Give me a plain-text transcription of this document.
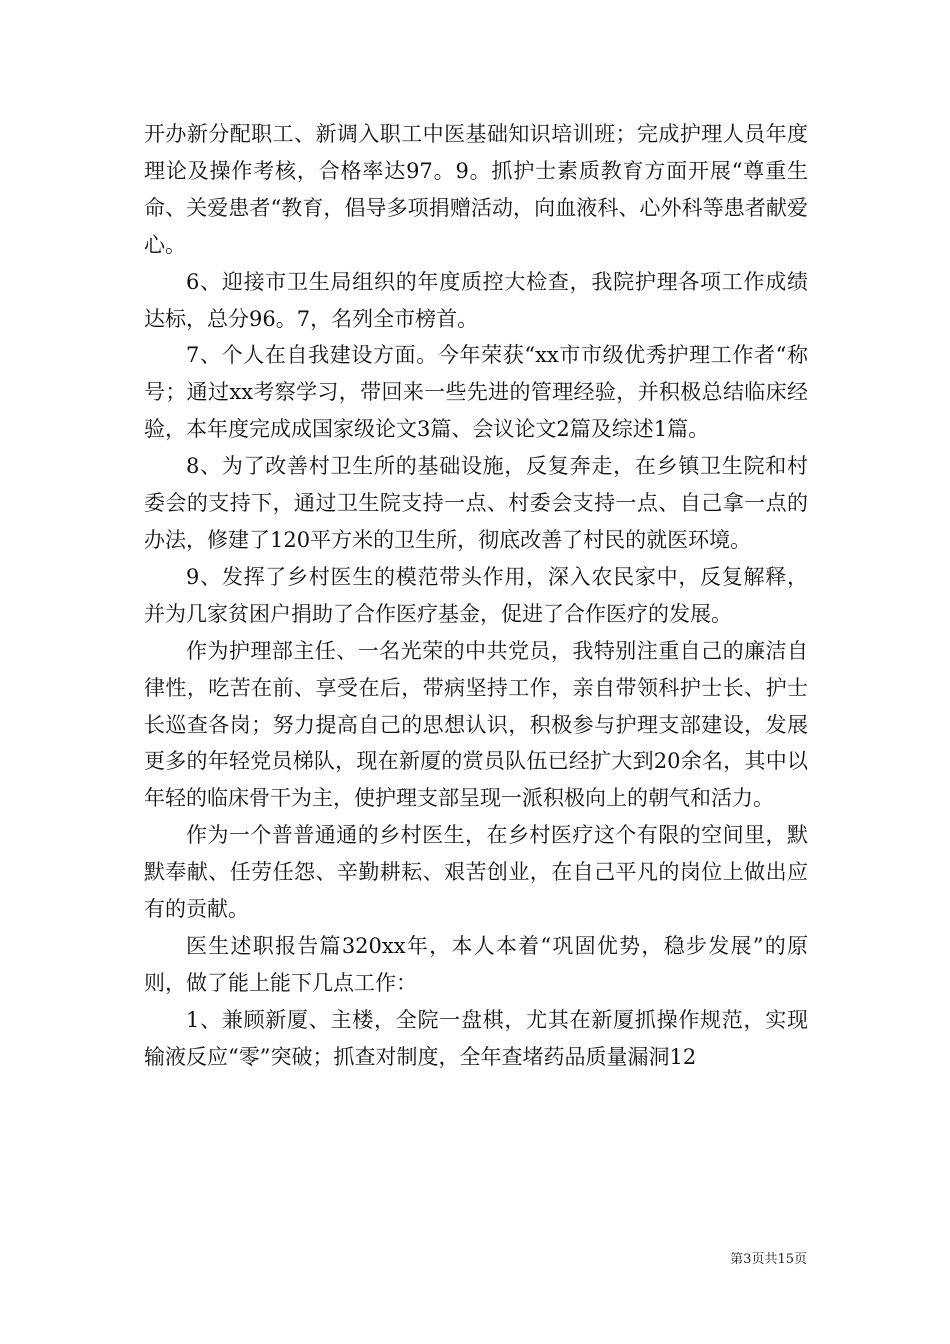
开办新分配职工、新调入职工中医基础知识培训班；完成护理人员年度理论及操作考核，合格率达97。9。抓护士素质教育方面开展“尊重生命、关爱患者“教育，倡导多项捐赠活动，向血液科、心外科等患者献爱心。

6、迎接市卫生局组织的年度质控大检查，我院护理各项工作成绩达标，总分96。7，名列全市榜首。

7、个人在自我建设方面。今年荣获“xx市市级优秀护理工作者“称号；通过xx考察学习，带回来一些先进的管理经验，并积极总结临床经验，本年度完成成国家级论文3篇、会议论文2篇及综述1篇。

8、为了改善村卫生所的基础设施，反复奔走，在乡镇卫生院和村委会的支持下，通过卫生院支持一点、村委会支持一点、自己拿一点的办法，修建了120平方米的卫生所，彻底改善了村民的就医环境。

9、发挥了乡村医生的模范带头作用，深入农民家中，反复解释，并为几家贫困户捐助了合作医疗基金，促进了合作医疗的发展。

作为护理部主任、一名光荣的中共党员，我特别注重自己的廉洁自律性，吃苦在前、享受在后，带病坚持工作，亲自带领科护士长、护士长巡查各岗；努力提高自己的思想认识，积极参与护理支部建设，发展更多的年轻党员梯队，现在新厦的赏员队伍已经扩大到20余名，其中以年轻的临床骨干为主，使护理支部呈现一派积极向上的朝气和活力。

作为一个普普通通的乡村医生，在乡村医疗这个有限的空间里，默默奉献、任劳任怨、辛勤耕耘、艰苦创业，在自己平凡的岗位上做出应有的贡献。

医生述职报告篇320xx年，本人本着“巩固优势，稳步发展”的原则，做了能上能下几点工作：

1、兼顾新厦、主楼，全院一盘棋，尤其在新厦抓操作规范，实现输液反应“零”突破；抓查对制度，全年查堵药品质量漏洞12

第3页共15页
